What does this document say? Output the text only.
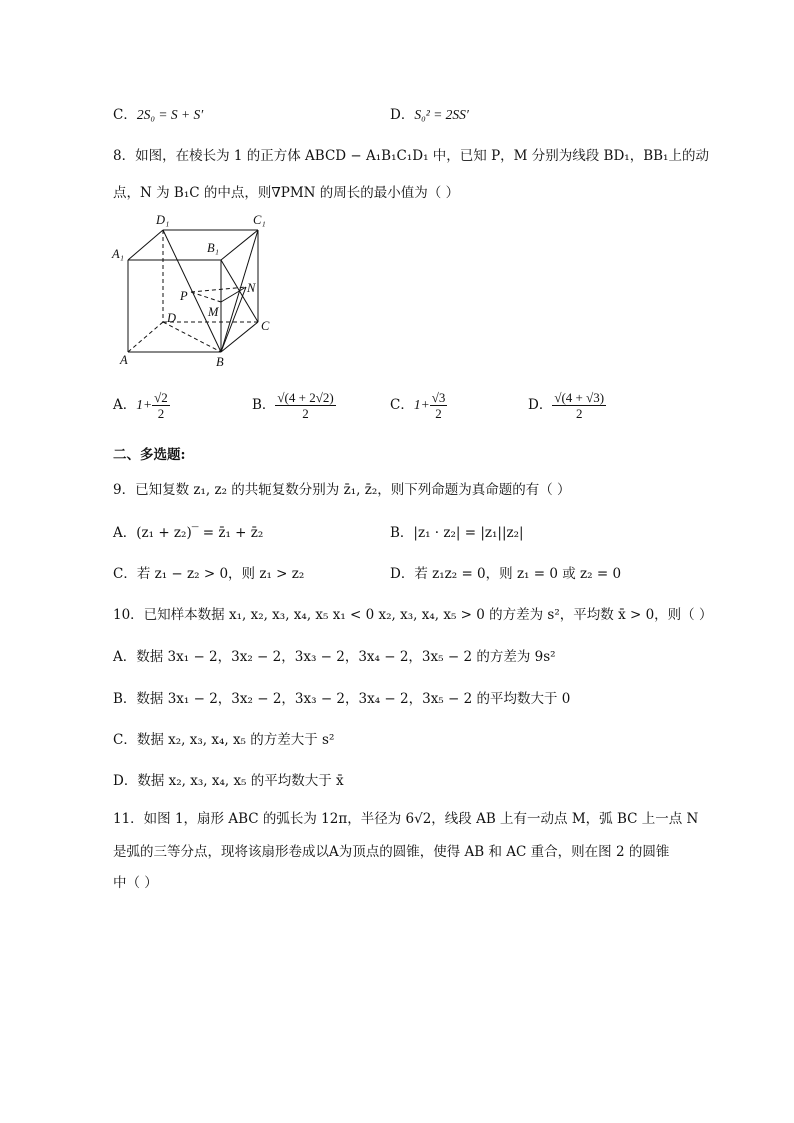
C．2S₀ = S + S′	D．S₀² = 2SS′
8．如图，在棱长为 1 的正方体 ABCD − A₁B₁C₁D₁ 中，已知 P，M 分别为线段 BD₁，BB₁上的动
点，N 为 B₁C 的中点，则∇PMN 的周长的最小值为（ ）
D₁	C₁
A₁	B₁
P
N
M
D
C
A	B
A．$1+ \frac{√2}{2}$	B． $\frac{√(4 + 2√2)}{2}$	C．$1+ \frac{√3}{2}$	D． $\frac{√(4 + √3)}{2}$
二、多选题:
9．已知复数 z₁, z₂ 的共轭复数分别为 z̄₁, z̄₂，则下列命题为真命题的有（ ）
A．(z₁ + z₂)‾ = z̄₁ + z̄₂	B．|z₁ · z₂| = |z₁||z₂|
C．若 z₁ − z₂ > 0，则 z₁ > z₂	D．若 z₁z₂ = 0，则 z₁ = 0 或 z₂ = 0
10．已知样本数据 x₁, x₂, x₃, x₄, x₅ x₁ < 0 x₂, x₃, x₄, x₅ > 0 的方差为 s²，平均数 x̄ > 0，则（ ）
A．数据 3x₁ − 2，3x₂ − 2，3x₃ − 2，3x₄ − 2，3x₅ − 2 的方差为 9s²
B．数据 3x₁ − 2，3x₂ − 2，3x₃ − 2，3x₄ − 2，3x₅ − 2 的平均数大于 0
C．数据 x₂, x₃, x₄, x₅ 的方差大于 s²
D．数据 x₂, x₃, x₄, x₅ 的平均数大于 x̄
11．如图 1，扇形 ABC 的弧长为 12π，半径为 6√2，线段 AB 上有一动点 M，弧 BC 上一点 N
是弧的三等分点，现将该扇形卷成以A为顶点的圆锥，使得 AB 和 AC 重合，则在图 2 的圆锥
中（ ）
